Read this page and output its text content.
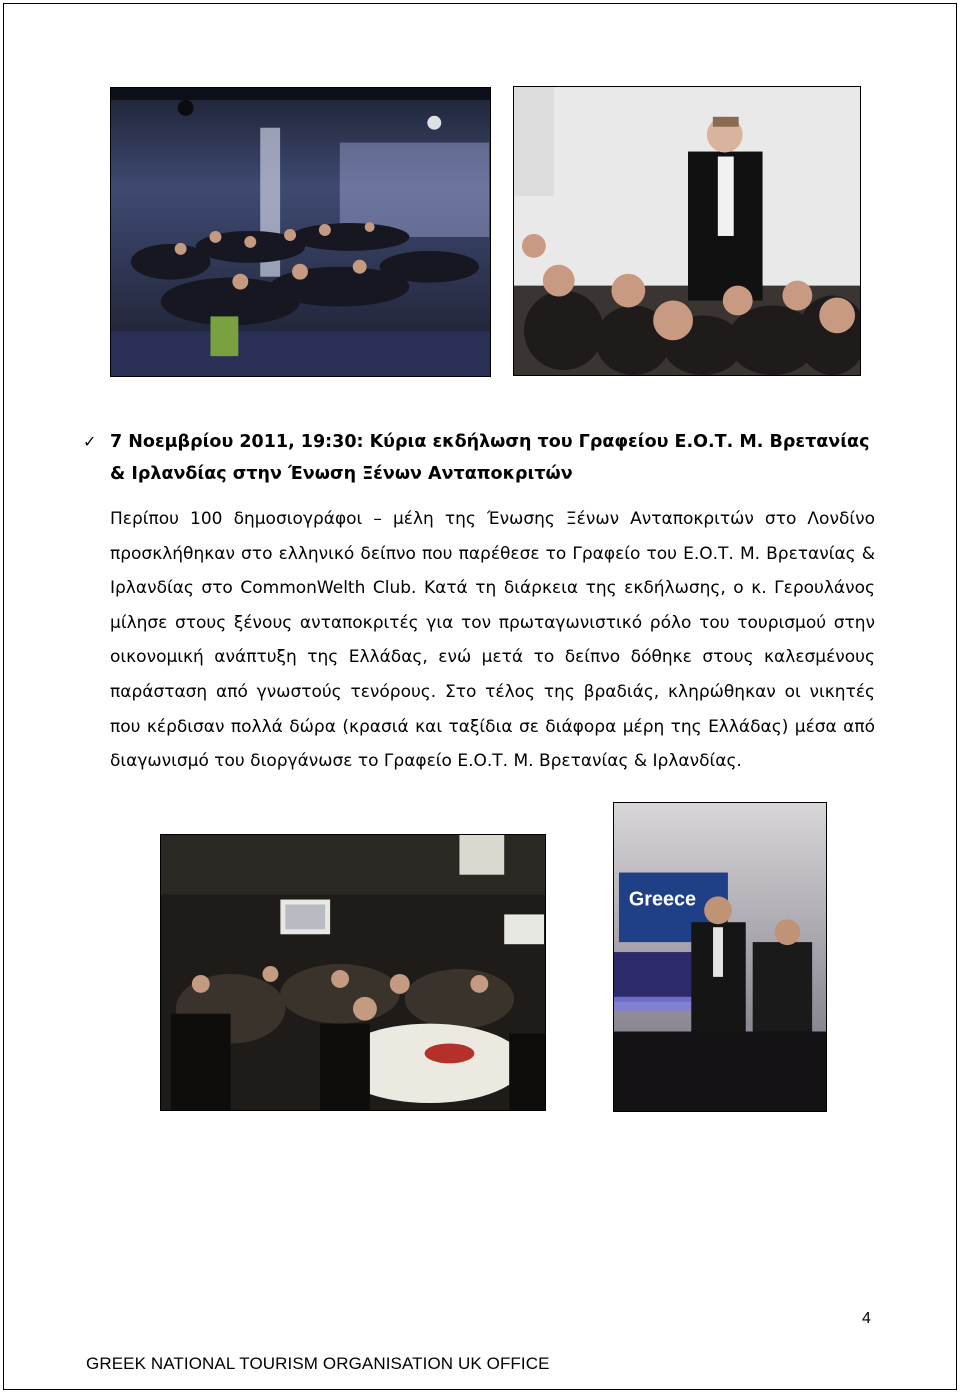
✓ 7 Νοεμβρίου 2011, 19:30: Κύρια εκδήλωση του Γραφείου Ε.Ο.Τ. Μ. Βρετανίας
& Ιρλανδίας στην Ένωση Ξένων Ανταποκριτών
Περίπου 100 δημοσιογράφοι – μέλη της Ένωσης Ξένων Ανταποκριτών στο Λονδίνο προσκλήθηκαν στο ελληνικό δείπνο που παρέθεσε το Γραφείο του Ε.Ο.Τ. Μ. Βρετανίας & Ιρλανδίας στο CommonWelth Club. Κατά τη διάρκεια της εκδήλωσης, ο κ. Γερουλάνος μίλησε στους ξένους ανταποκριτές για τον πρωταγωνιστικό ρόλο του τουρισμού στην οικονομική ανάπτυξη της Ελλάδας, ενώ μετά το δείπνο δόθηκε στους καλεσμένους παράσταση από γνωστούς τενόρους. Στο τέλος της βραδιάς, κληρώθηκαν οι νικητές που κέρδισαν πολλά δώρα (κρασιά και ταξίδια σε διάφορα μέρη της Ελλάδας) μέσα από διαγωνισμό του διοργάνωσε το Γραφείο Ε.Ο.Τ. Μ. Βρετανίας & Ιρλανδίας.
Greece
4
GREEK NATIONAL TOURISM ORGANISATION UK OFFICE
